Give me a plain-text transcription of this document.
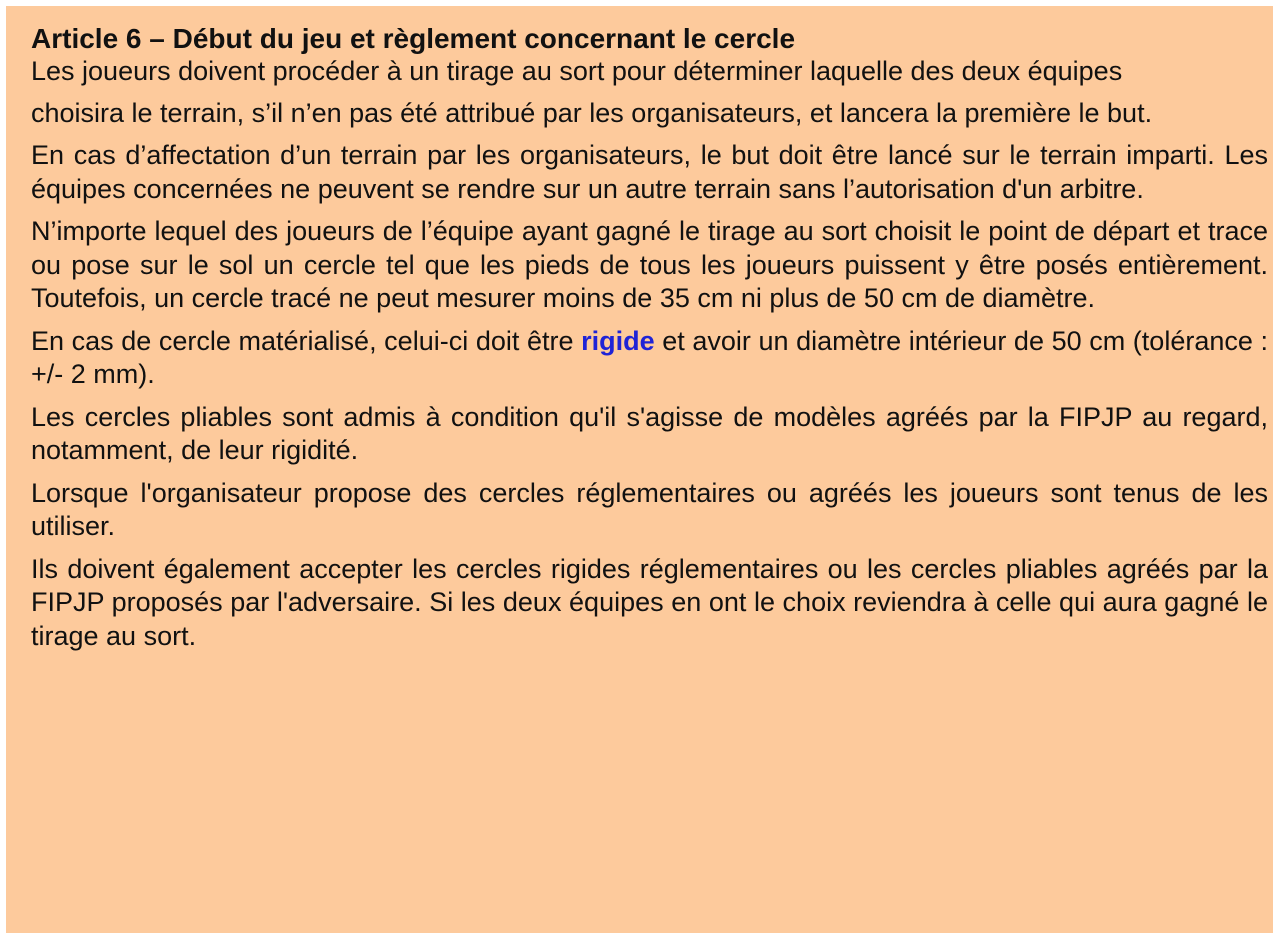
Article 6 – Début du jeu et règlement concernant le cercle

Les joueurs doivent procéder à un tirage au sort pour déterminer laquelle des deux équipes

choisira le terrain, s’il n’en pas été attribué par les organisateurs, et lancera la première le but.

En cas d’affectation d’un terrain par les organisateurs, le but doit être lancé sur le terrain imparti. Les équipes concernées ne peuvent se rendre sur un autre terrain sans l’autorisation d'un arbitre.

N’importe lequel des joueurs de l’équipe ayant gagné le tirage au sort choisit le point de départ et trace ou pose sur le sol un cercle tel que les pieds de tous les joueurs puissent y être posés entièrement. Toutefois, un cercle tracé ne peut mesurer moins de 35 cm ni plus de 50 cm de diamètre.

En cas de cercle matérialisé, celui-ci doit être rigide et avoir un diamètre intérieur de 50 cm (tolérance : +/- 2 mm).

Les cercles pliables sont admis à condition qu'il s'agisse de modèles agréés par la FIPJP au regard, notamment, de leur rigidité.

Lorsque l'organisateur propose des cercles réglementaires ou agréés les joueurs sont tenus de les utiliser.

Ils doivent également accepter les cercles rigides réglementaires ou les cercles pliables agréés par la FIPJP proposés par l'adversaire. Si les deux équipes en ont le choix reviendra à celle qui aura gagné le tirage au sort.
